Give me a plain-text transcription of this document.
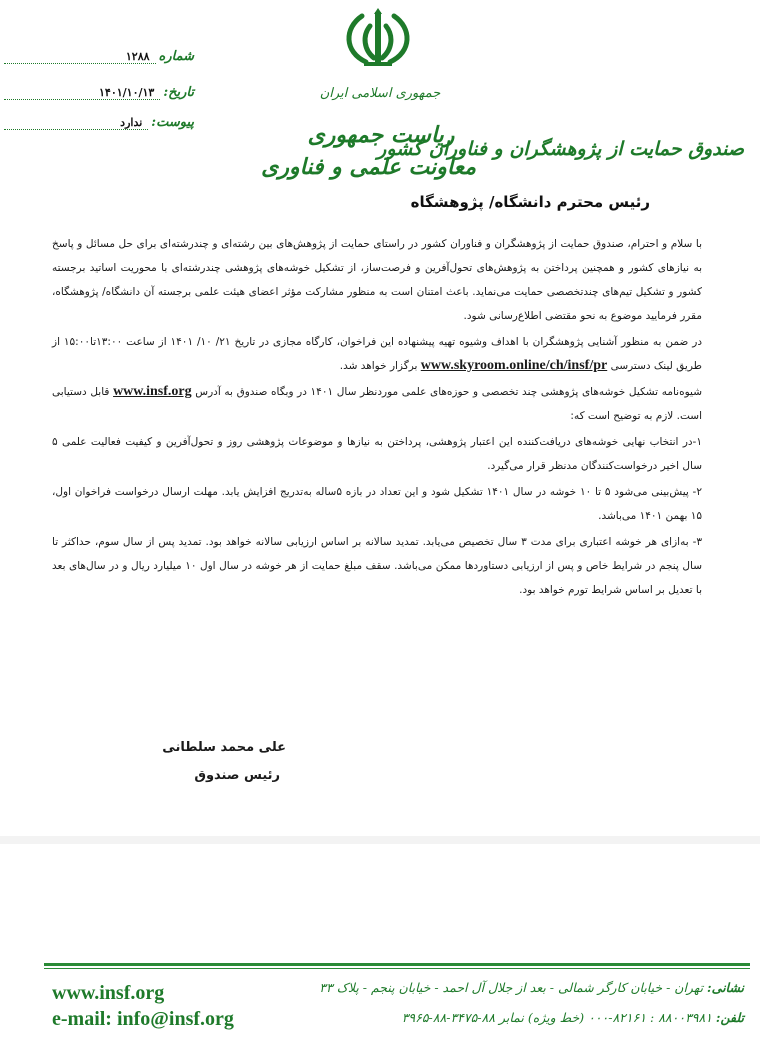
جمهوری اسلامی ایران
صندوق حمایت از پژوهشگران و فناوران کشور
ریاست جمهوری
معاونت علمی و فناوری
شماره
۱۲۸۸
تاریخ:
۱۴۰۱/۱۰/۱۳
پیوست:
ندارد
رئیس محترم دانشگاه/ پژوهشگاه

با سلام و احترام، صندوق حمایت از پژوهشگران و فناوران کشور در راستای حمایت از پژوهش‌های بین رشته‌ای و چندرشته‌ای برای حل مسائل و پاسخ به نیازهای کشور و همچنین پرداختن به پژوهش‌های تحول‌آفرین و فرصت‌ساز، از تشکیل خوشه‌های پژوهشی چندرشته‌ای با محوریت اساتید برجسته کشور و تشکیل تیم‌های چندتخصصی حمایت می‌نماید. باعث امتنان است به منظور مشارکت مؤثر اعضای هیئت علمی برجسته آن دانشگاه/ پژوهشگاه، مقرر فرمایید موضوع به نحو مقتضی اطلاع‌رسانی شود.

در ضمن به منظور آشنایی پژوهشگران با اهداف وشیوه تهیه پیشنهاده این فراخوان، کارگاه مجازی در تاریخ ۲۱/ ۱۰/ ۱۴۰۱ از ساعت ۱۳:۰۰تا۱۵:۰۰ از طریق لینک دسترسی www.skyroom.online/ch/insf/pr برگزار خواهد شد.

شیوه‌نامه تشکیل خوشه‌های پژوهشی چند تخصصی و حوزه‌های علمی موردنظر سال ۱۴۰۱ در وبگاه صندوق به آدرس www.insf.org قابل دستیابی است. لازم به توضیح است که:

۱-در انتخاب نهایی خوشه‌های دریافت‌کننده این اعتبار پژوهشی، پرداختن به نیازها و موضوعات پژوهشی روز و تحول‌آفرین و کیفیت فعالیت علمی ۵ سال اخیر درخواست‌کنندگان مدنظر قرار می‌گیرد.

۲- پیش‌بینی می‌شود ۵ تا ۱۰ خوشه در سال ۱۴۰۱ تشکیل شود و این تعداد در بازه ۵ساله به‌تدریج افزایش یابد. مهلت ارسال درخواست فراخوان اول، ۱۵ بهمن ۱۴۰۱ می‌باشد.

۳- به‌ازای هر خوشه اعتباری برای مدت ۳ سال تخصیص می‌یابد. تمدید سالانه بر اساس ارزیابی سالانه خواهد بود. تمدید پس از سال سوم، حداکثر تا سال پنجم در شرایط خاص و پس از ارزیابی دستاوردها ممکن می‌باشد. سقف مبلغ حمایت از هر خوشه در سال اول ۱۰ میلیارد ریال و در سال‌های بعد با تعدیل بر اساس شرایط تورم خواهد بود.

علی محمد سلطانی
رئیس صندوق
www.insf.org
e-mail: info@insf.org
نشانی: تهران - خیابان کارگر شمالی - بعد از جلال آل احمد - خیابان پنجم - پلاک ۳۳
تلفن: ۸۸۰۰۳۹۸۱ : ۸۲۱۶۱-۰۰۰ (خط ویژه) نمابر ۸۸-۳۴۷۵-۸۸-۳۹۶۵
